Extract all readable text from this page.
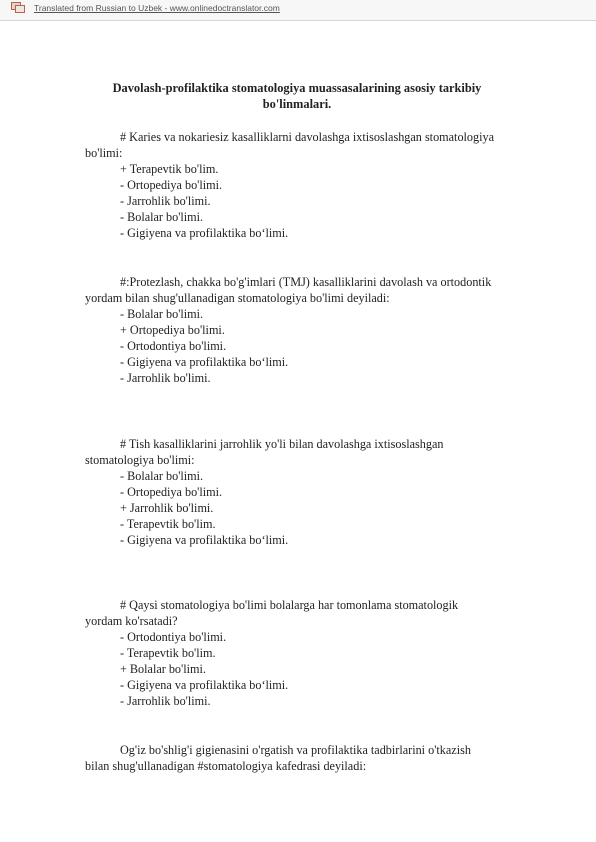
Translated from Russian to Uzbek - www.onlinedoctranslator.com
Davolash-profilaktika stomatologiya muassasalarining asosiy tarkibiy
bo'linmalari.
# Karies va nokariesiz kasalliklarni davolashga ixtisoslashgan stomatologiya
bo'limi:
+ Terapevtik bo'lim.
- Ortopediya bo'limi.
- Jarrohlik bo'limi.
- Bolalar bo'limi.
- Gigiyena va profilaktika bo‘limi.
#:Protezlash, chakka bo'g'imlari (TMJ) kasalliklarini davolash va ortodontik
yordam bilan shug'ullanadigan stomatologiya bo'limi deyiladi:
- Bolalar bo'limi.
+ Ortopediya bo'limi.
- Ortodontiya bo'limi.
- Gigiyena va profilaktika bo‘limi.
- Jarrohlik bo'limi.
# Tish kasalliklarini jarrohlik yo'li bilan davolashga ixtisoslashgan
stomatologiya bo'limi:
- Bolalar bo'limi.
- Ortopediya bo'limi.
+ Jarrohlik bo'limi.
- Terapevtik bo'lim.
- Gigiyena va profilaktika bo‘limi.
# Qaysi stomatologiya bo'limi bolalarga har tomonlama stomatologik
yordam ko'rsatadi?
- Ortodontiya bo'limi.
- Terapevtik bo'lim.
+ Bolalar bo'limi.
- Gigiyena va profilaktika bo‘limi.
- Jarrohlik bo'limi.
Og'iz bo'shlig'i gigienasini o'rgatish va profilaktika tadbirlarini o'tkazish
bilan shug'ullanadigan #stomatologiya kafedrasi deyiladi:
